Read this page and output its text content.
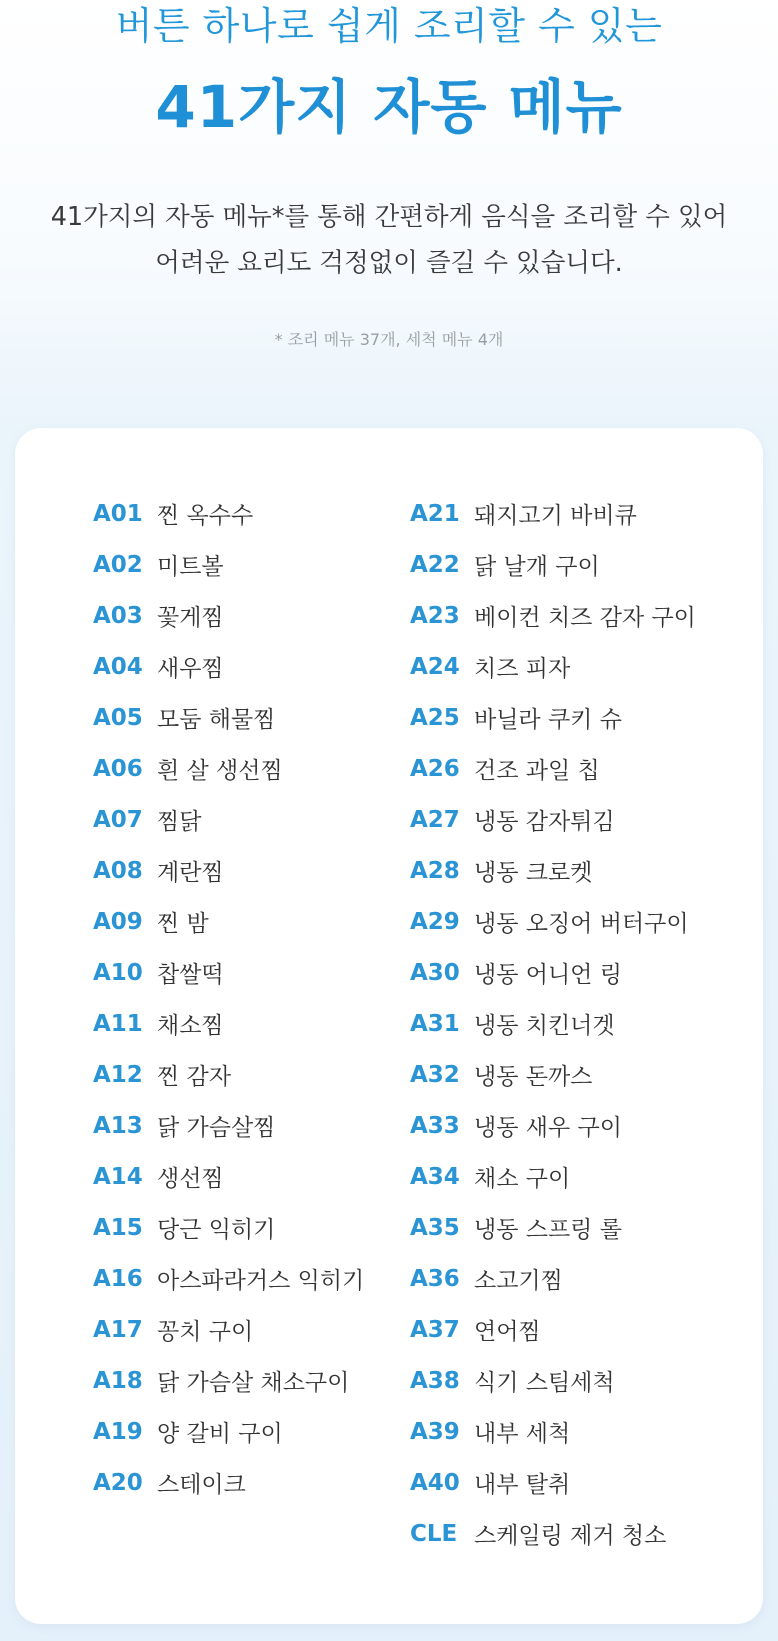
버튼 하나로 쉽게 조리할 수 있는
41가지 자동 메뉴
41가지의 자동 메뉴*를 통해 간편하게 음식을 조리할 수 있어
어려운 요리도 걱정없이 즐길 수 있습니다.
* 조리 메뉴 37개, 세척 메뉴 4개
A01 찐 옥수수
A02 미트볼
A03 꽃게찜
A04 새우찜
A05 모둠 해물찜
A06 흰 살 생선찜
A07 찜닭
A08 계란찜
A09 찐 밤
A10 찹쌀떡
A11 채소찜
A12 찐 감자
A13 닭 가슴살찜
A14 생선찜
A15 당근 익히기
A16 아스파라거스 익히기
A17 꽁치 구이
A18 닭 가슴살 채소구이
A19 양 갈비 구이
A20 스테이크
A21 돼지고기 바비큐
A22 닭 날개 구이
A23 베이컨 치즈 감자 구이
A24 치즈 피자
A25 바닐라 쿠키 슈
A26 건조 과일 칩
A27 냉동 감자튀김
A28 냉동 크로켓
A29 냉동 오징어 버터구이
A30 냉동 어니언 링
A31 냉동 치킨너겟
A32 냉동 돈까스
A33 냉동 새우 구이
A34 채소 구이
A35 냉동 스프링 롤
A36 소고기찜
A37 연어찜
A38 식기 스팀세척
A39 내부 세척
A40 내부 탈취
CLE 스케일링 제거 청소
